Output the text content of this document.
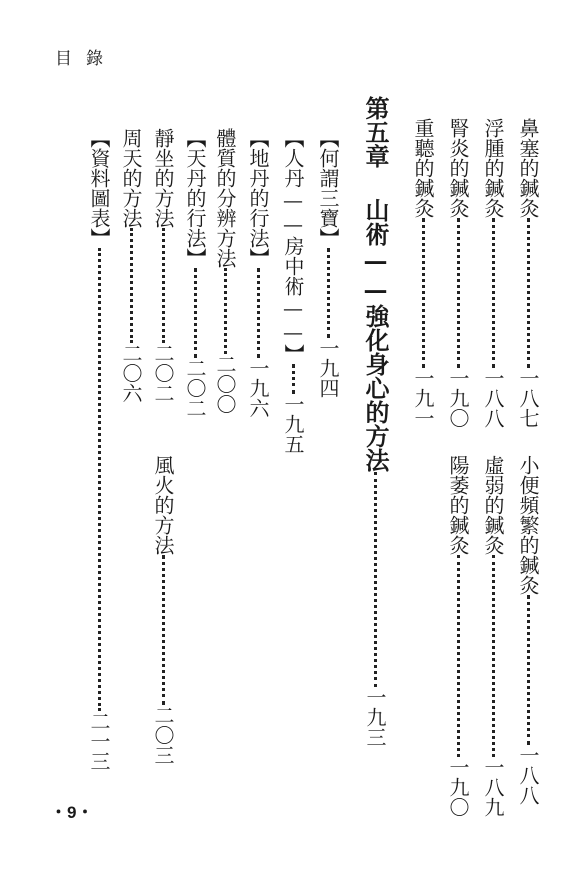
目錄
鼻塞的鍼灸
一八七
浮腫的鍼灸
一八八
腎炎的鍼灸
一九〇
重聽的鍼灸
一九一
小便頻繁的鍼灸
一八八
虛弱的鍼灸
一八九
陽萎的鍼灸
一九〇
第五章
山術——強化身心的方法
一九三
【何謂三寶】
一九四
【人丹——房中術——】
一九五
【地丹的行法】
一九六
體質的分辨方法
二〇〇
【天丹的行法】
二〇二
靜坐的方法
二〇二
周天的方法
二〇六
【資料圖表】
二一三
風火的方法
二〇三
・9・
